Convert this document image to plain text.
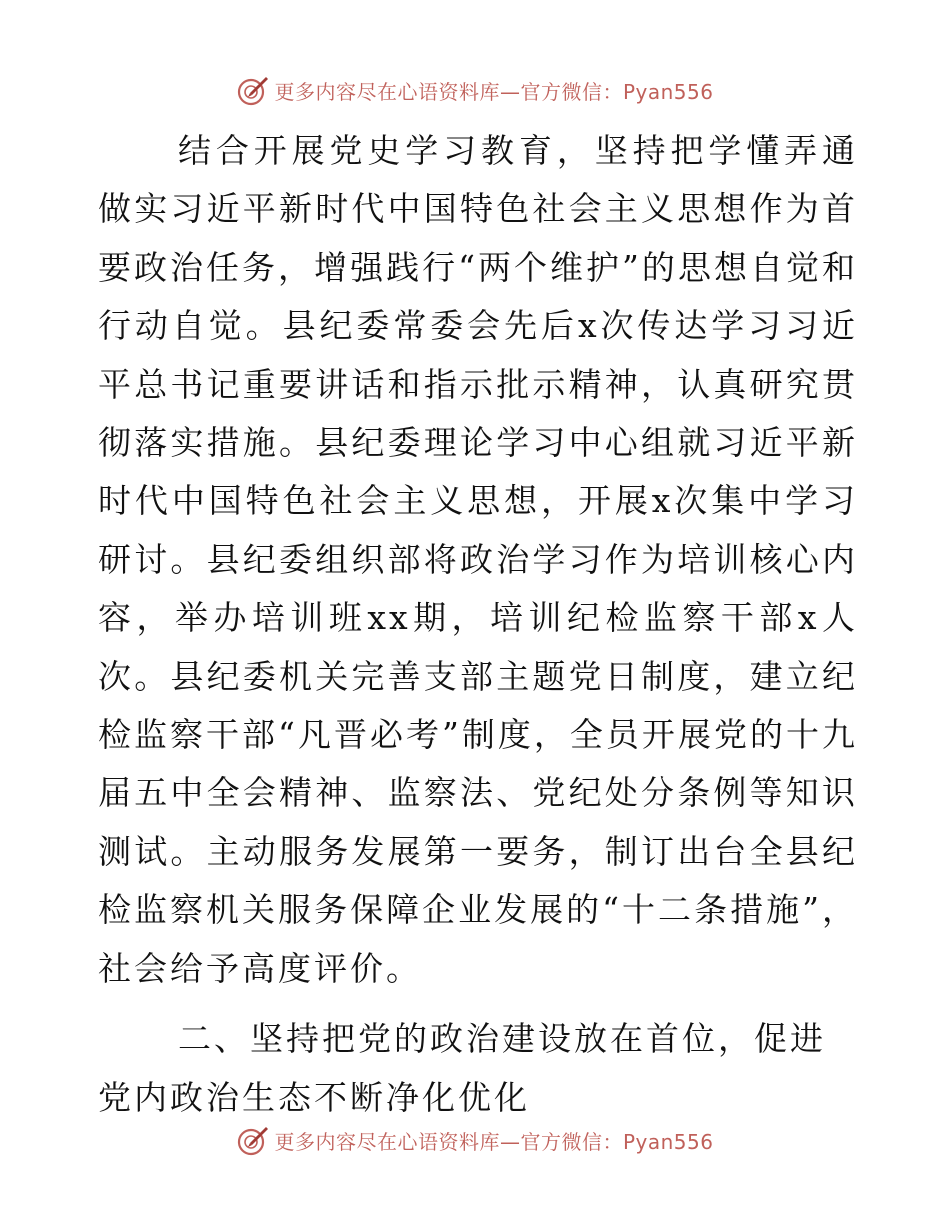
更多内容尽在心语资料库—官方微信：Pyan556

结合开展党史学习教育，坚持把学懂弄通做实习近平新时代中国特色社会主义思想作为首要政治任务，增强践行“两个维护”的思想自觉和行动自觉。县纪委常委会先后x次传达学习习近平总书记重要讲话和指示批示精神，认真研究贯彻落实措施。县纪委理论学习中心组就习近平新时代中国特色社会主义思想，开展x次集中学习研讨。县纪委组织部将政治学习作为培训核心内容，举办培训班xx期，培训纪检监察干部x人次。县纪委机关完善支部主题党日制度，建立纪检监察干部“凡晋必考”制度，全员开展党的十九届五中全会精神、监察法、党纪处分条例等知识测试。主动服务发展第一要务，制订出台全县纪检监察机关服务保障企业发展的“十二条措施”，社会给予高度评价。

二、坚持把党的政治建设放在首位，促进党内政治生态不断净化优化

更多内容尽在心语资料库—官方微信：Pyan556
